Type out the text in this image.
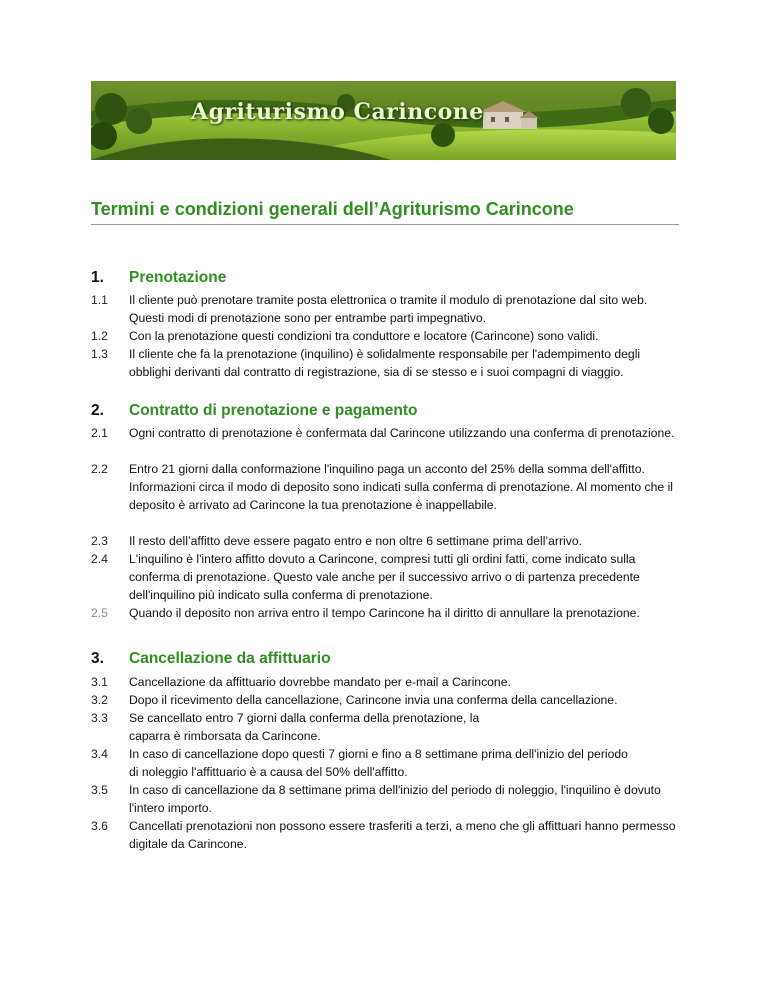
Agriturismo Carincone
Termini e condizioni generali dell’Agriturismo Carincone
1. Prenotazione
1.1 Il cliente può prenotare tramite posta elettronica o tramite il modulo di prenotazione dal sito web. Questi modi di prenotazione sono per entrambe parti impegnativo.
1.2 Con la prenotazione questi condizioni tra conduttore e locatore (Carincone) sono validi.
1.3 Il cliente che fa la prenotazione (inquilino) è solidalmente responsabile per l'adempimento degli obblighi derivanti dal contratto di registrazione, sia di se stesso e i suoi compagni di viaggio.
2. Contratto di prenotazione e pagamento
2.1 Ogni contratto di prenotazione è confermata dal Carincone utilizzando una conferma di prenotazione.
2.2 Entro 21 giorni dalla conformazione l'inquilino paga un acconto del 25% della somma dell'affitto. Informazioni circa il modo di deposito sono indicati sulla conferma di prenotazione. Al momento che il deposito è arrivato ad Carincone la tua prenotazione è inappellabile.
2.3 Il resto dell’affitto deve essere pagato entro e non oltre 6 settimane prima dell’arrivo.
2.4 L'inquilino è l'intero affitto dovuto a Carincone, compresi tutti gli ordini fatti, come indicato sulla conferma di prenotazione. Questo vale anche per il successivo arrivo o di partenza precedente dell'inquilino più indicato sulla conferma di prenotazione.
2.5 Quando il deposito non arriva entro il tempo Carincone ha il diritto di annullare la prenotazione.
3. Cancellazione da affittuario
3.1 Cancellazione da affittuario dovrebbe mandato per e-mail a Carincone.
3.2 Dopo il ricevimento della cancellazione, Carincone invia una conferma della cancellazione.
3.3 Se cancellato entro 7 giorni dalla conferma della prenotazione, la caparra è rimborsata da Carincone.
3.4 In caso di cancellazione dopo questi 7 giorni e fino a 8 settimane prima dell'inizio del periodo di noleggio l'affittuario è a causa del 50% dell'affitto.
3.5 In caso di cancellazione da 8 settimane prima dell'inizio del periodo di noleggio, l'inquilino è dovuto l'intero importo.
3.6 Cancellati prenotazioni non possono essere trasferiti a terzi, a meno che gli affittuari hanno permesso digitale da Carincone.
